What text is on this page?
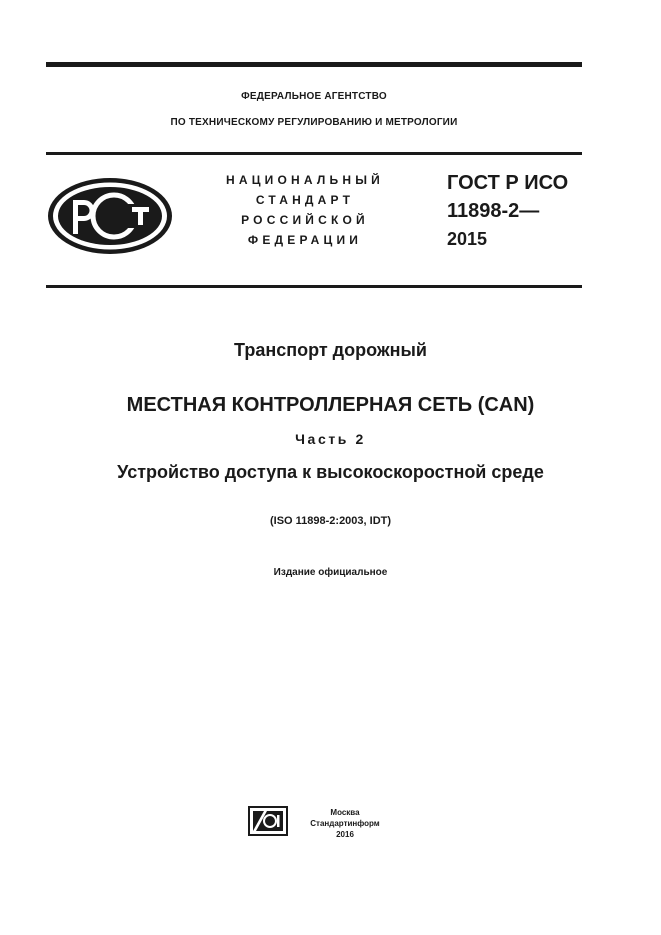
ФЕДЕРАЛЬНОЕ АГЕНТСТВО
ПО ТЕХНИЧЕСКОМУ РЕГУЛИРОВАНИЮ И МЕТРОЛОГИИ
НАЦИОНАЛЬНЫЙ
СТАНДАРТ
РОССИЙСКОЙ
ФЕДЕРАЦИИ
ГОСТ Р ИСО
11898-2—
2015
Транспорт дорожный
МЕСТНАЯ КОНТРОЛЛЕРНАЯ СЕТЬ (CAN)
Часть 2
Устройство доступа к высокоскоростной среде
(ISO 11898-2:2003, IDT)
Издание официальное
Москва
Стандартинформ
2016
